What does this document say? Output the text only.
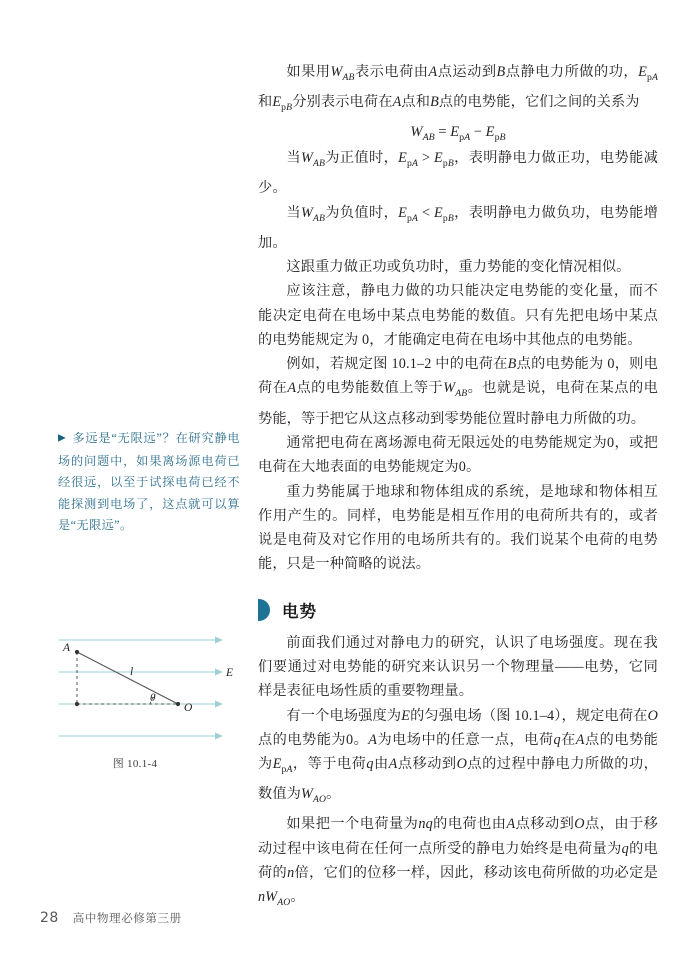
▶ 多远是“无限远”？在研究静电场的问题中，如果离场源电荷已经很远，以至于试探电荷已经不能探测到电场了，这点就可以算是“无限远”。
A
O
E
l
θ
图 10.1-4

如果用$W_{AB}$表示电荷由A点运动到B点静电力所做的功，$E_{pA}$和$E_{pB}$分别表示电荷在A点和B点的电势能，它们之间的关系为

$W_{AB} = E_{pA} - E_{pB}$

当$W_{AB}$为正值时，$E_{pA} > E_{pB}$，表明静电力做正功，电势能减少。

当$W_{AB}$为负值时，$E_{pA} < E_{pB}$，表明静电力做负功，电势能增加。

这跟重力做正功或负功时，重力势能的变化情况相似。

应该注意，静电力做的功只能决定电势能的变化量，而不能决定电荷在电场中某点电势能的数值。只有先把电场中某点的电势能规定为 0，才能确定电荷在电场中其他点的电势能。

例如，若规定图 10.1–2 中的电荷在B点的电势能为 0，则电荷在A点的电势能数值上等于$W_{AB}$。也就是说，电荷在某点的电势能，等于把它从这点移动到零势能位置时静电力所做的功。

通常把电荷在离场源电荷无限远处的电势能规定为0，或把电荷在大地表面的电势能规定为0。

重力势能属于地球和物体组成的系统，是地球和物体相互作用产生的。同样，电势能是相互作用的电荷所共有的，或者说是电荷及对它作用的电场所共有的。我们说某个电荷的电势能，只是一种简略的说法。

电势

前面我们通过对静电力的研究，认识了电场强度。现在我们要通过对电势能的研究来认识另一个物理量——电势，它同样是表征电场性质的重要物理量。

有一个电场强度为E的匀强电场（图 10.1–4），规定电荷在O点的电势能为0。A为电场中的任意一点，电荷q在A点的电势能为$E_{pA}$，等于电荷q由A点移动到O点的过程中静电力所做的功，数值为$W_{AO}$。

如果把一个电荷量为nq的电荷也由A点移动到O点，由于移动过程中该电荷在任何一点所受的静电力始终是电荷量为q的电荷的n倍，它们的位移一样，因此，移动该电荷所做的功必定是$nW_{AO}$。

28 高中物理必修第三册
